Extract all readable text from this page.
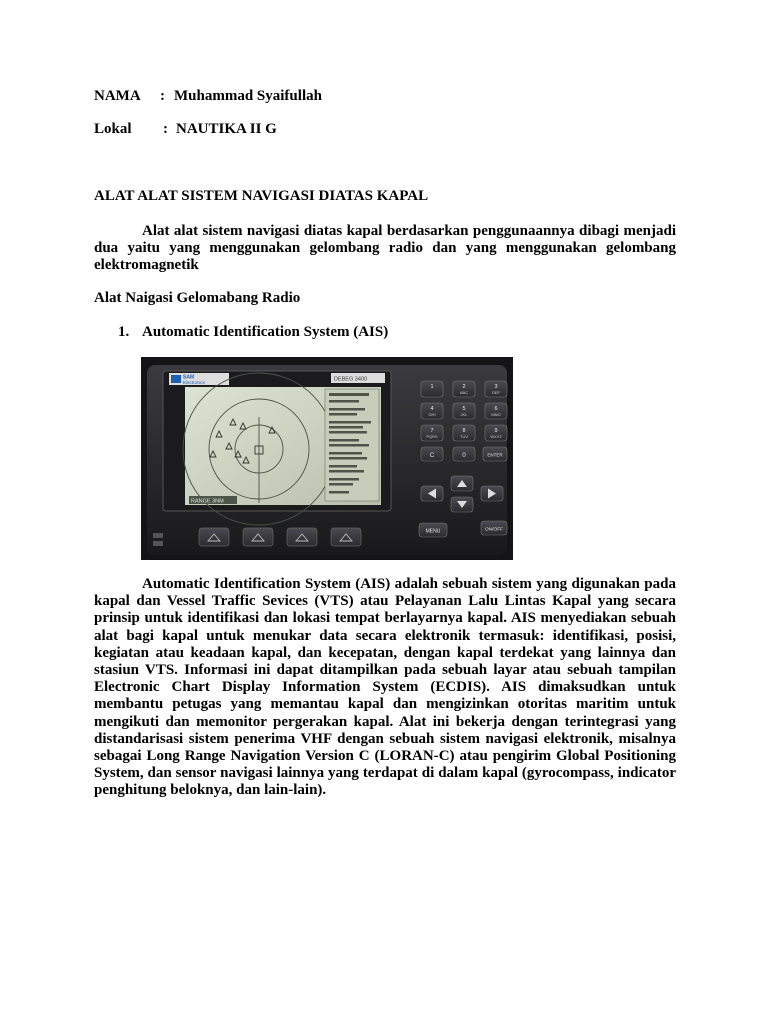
NAMA : Muhammad Syaifullah
Lokal : NAUTIKA II G
ALAT ALAT SISTEM NAVIGASI DIATAS KAPAL

Alat alat sistem navigasi diatas kapal berdasarkan penggunaannya dibagi menjadi dua yaitu yang menggunakan gelombang radio dan yang menggunakan gelombang elektromagnetik

Alat Naigasi Gelomabang Radio
1. Automatic Identification System (AIS)
SAM
Electronics	DEBEG 3400
RANGE 3NM
1	2
ABC
3
DEF
4
GHI
5
JKL
6
MNO
7
PQRS
8
TUV
9
WXYZ
C	0	ENTER
MENU	ON/OFF

Automatic Identification System (AIS) adalah sebuah sistem yang digunakan pada kapal dan Vessel Traffic Sevices (VTS) atau Pelayanan Lalu Lintas Kapal yang secara prinsip untuk identifikasi dan lokasi tempat berlayarnya kapal. AIS menyediakan sebuah alat bagi kapal untuk menukar data secara elektronik termasuk: identifikasi, posisi, kegiatan atau keadaan kapal, dan kecepatan, dengan kapal terdekat yang lainnya dan stasiun VTS. Informasi ini dapat ditampilkan pada sebuah layar atau sebuah tampilan Electronic Chart Display Information System (ECDIS). AIS dimaksudkan untuk membantu petugas yang memantau kapal dan mengizinkan otoritas maritim untuk mengikuti dan memonitor pergerakan kapal. Alat ini bekerja dengan terintegrasi yang distandarisasi sistem penerima VHF dengan sebuah sistem navigasi elektronik, misalnya sebagai Long Range Navigation Version C (LORAN-C) atau pengirim Global Positioning System, dan sensor navigasi lainnya yang terdapat di dalam kapal (gyrocompass, indicator penghitung beloknya, dan lain-lain).
